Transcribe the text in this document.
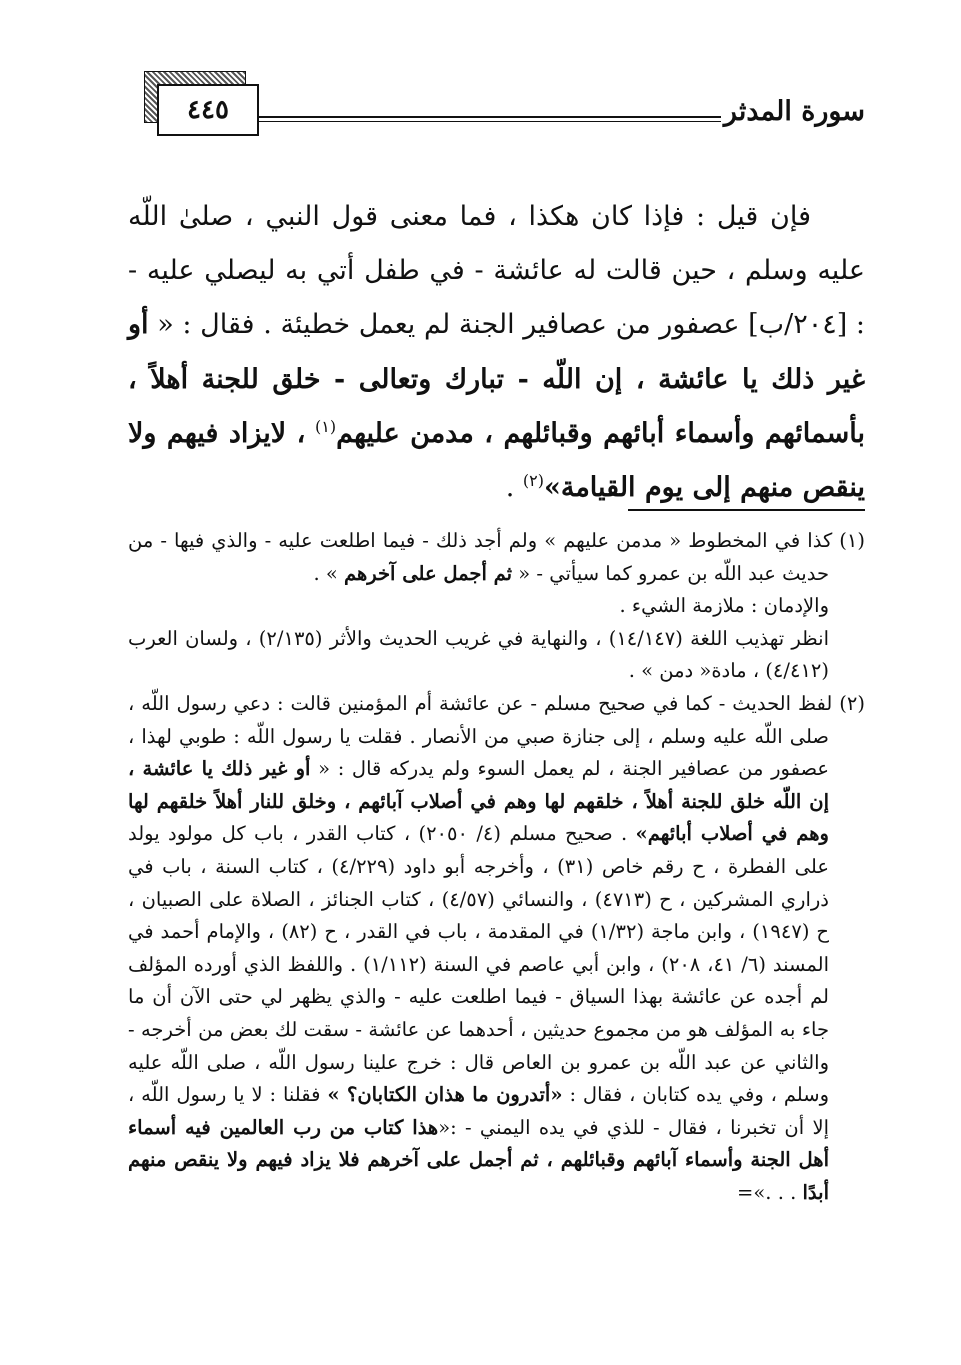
سورة المدثر
٤٤٥

  فإن قيل : فإذا كان هكذا ، فما معنى قول النبي ، صلىٰ اللّه عليه وسلم ، حين قالت له عائشة - في طفل أتي به ليصلي عليه - : [٢٠٤/ب] عصفور من عصافير الجنة لم يعمل خطيئة . فقال : « أو غير ذلك يا عائشة ، إن اللّه - تبارك وتعالى - خلق للجنة أهلاً ، بأسمائهم وأسماء أبائهم وقبائلهم ، مدمن عليهم$^{(١)}$ ، لايزاد فيهم ولا ينقص منهم إلى يوم القيامة»$^{(٢)}$ .

(١) كذا في المخطوط « مدمن عليهم » ولم أجد ذلك - فيما اطلعت عليه - والذي فيها - من حديث عبد اللّه بن عمرو كما سيأتي - « ثم أجمل على آخرهم » .

والإدمان : ملازمة الشيء .

انظر تهذيب اللغة (١٤/١٤٧) ، والنهاية في غريب الحديث والأثر (٢/١٣٥) ، ولسان العرب (٤/٤١٢) ، مادة« دمن » .

(٢) لفظ الحديث - كما في صحيح مسلم - عن عائشة أم المؤمنين قالت : دعي رسول اللّه ، صلى اللّه عليه وسلم ، إلى جنازة صبي من الأنصار . فقلت يا رسول اللّه : طوبي لهذا ، عصفور من عصافير الجنة ، لم يعمل السوء ولم يدركه قال : « أو غير ذلك يا عائشة ، إن اللّه خلق للجنة أهلاً ، خلقهم لها وهم في أصلاب آبائهم ، وخلق للنار أهلاً خلقهم لها وهم في أصلاب أبائهم» . صحيح مسلم (٤/ ٢٠٥٠) ، كتاب القدر ، باب كل مولود يولد على الفطرة ، ح رقم خاص (٣١) ، وأخرجه أبو داود (٤/٢٢٩) ، كتاب السنة ، باب في ذراري المشركين ، ح (٤٧١٣) ، والنسائي (٤/٥٧) ، كتاب الجنائز ، الصلاة على الصبيان ، ح (١٩٤٧) ، وابن ماجة (١/٣٢) في المقدمة ، باب في القدر ، ح (٨٢) ، والإمام أحمد في المسند (٦/ ٤١، ٢٠٨) ، وابن أبي عاصم في السنة (١/١١٢) . واللفظ الذي أورده المؤلف لم أجده عن عائشة بهذا السياق - فيما اطلعت عليه - والذي يظهر لي حتى الآن أن ما جاء به المؤلف هو من مجموع حديثين ، أحدهما عن عائشة - سقت لك بعض من أخرجه - والثاني عن عبد اللّه بن عمرو بن العاص قال : خرج علينا رسول اللّه ، صلى اللّه عليه وسلم ، وفي يده كتابان ، فقال : «أتدرون ما هذان الكتابان؟ » فقلنا : لا يا رسول اللّه ، إلا أن تخبرنا ، فقال - للذي في يده اليمني - :«هذا كتاب من رب العالمين فيه أسماء أهل الجنة وأسماء آبائهم وقبائلهم ، ثم أجمل على آخرهم فلا يزاد فيهم ولا ينقص منهم أبدًا . . .»=
